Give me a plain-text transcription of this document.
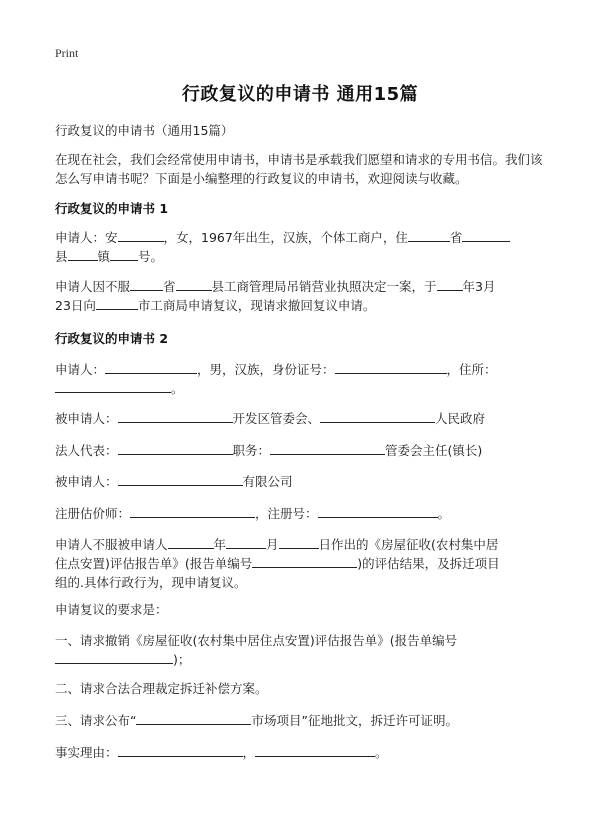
Print
行政复议的申请书 通用15篇
行政复议的申请书（通用15篇）
在现在社会，我们会经常使用申请书，申请书是承载我们愿望和请求的专用书信。我们该怎么写申请书呢？下面是小编整理的行政复议的申请书，欢迎阅读与收藏。
行政复议的申请书 1
申请人：安	，女，1967年出生，汉族，个体工商户，住	省
县 镇 号。
申请人因不服	省	县工商管理局吊销营业执照决定一案，于 年3月
23日向	市工商局申请复议，现请求撤回复议申请。
行政复议的申请书 2
申请人：	，男，汉族，身份证号：	，住所：
。
被申请人：	开发区管委会、	人民政府
法人代表：	职务：	管委会主任(镇长)
被申请人：	有限公司
注册估价师：	，注册号：	。
申请人不服被申请人	年	月	日作出的《房屋征收(农村集中居
住点安置)评估报告单》(报告单编号	)的评估结果，及拆迁项目
组的.具体行政行为，现申请复议。
申请复议的要求是：
一、请求撤销《房屋征收(农村集中居住点安置)评估报告单》(报告单编号
)；
二、请求合法合理裁定拆迁补偿方案。
三、请求公布“	市场项目”征地批文，拆迁许可证明。
事实理由：	，	。
